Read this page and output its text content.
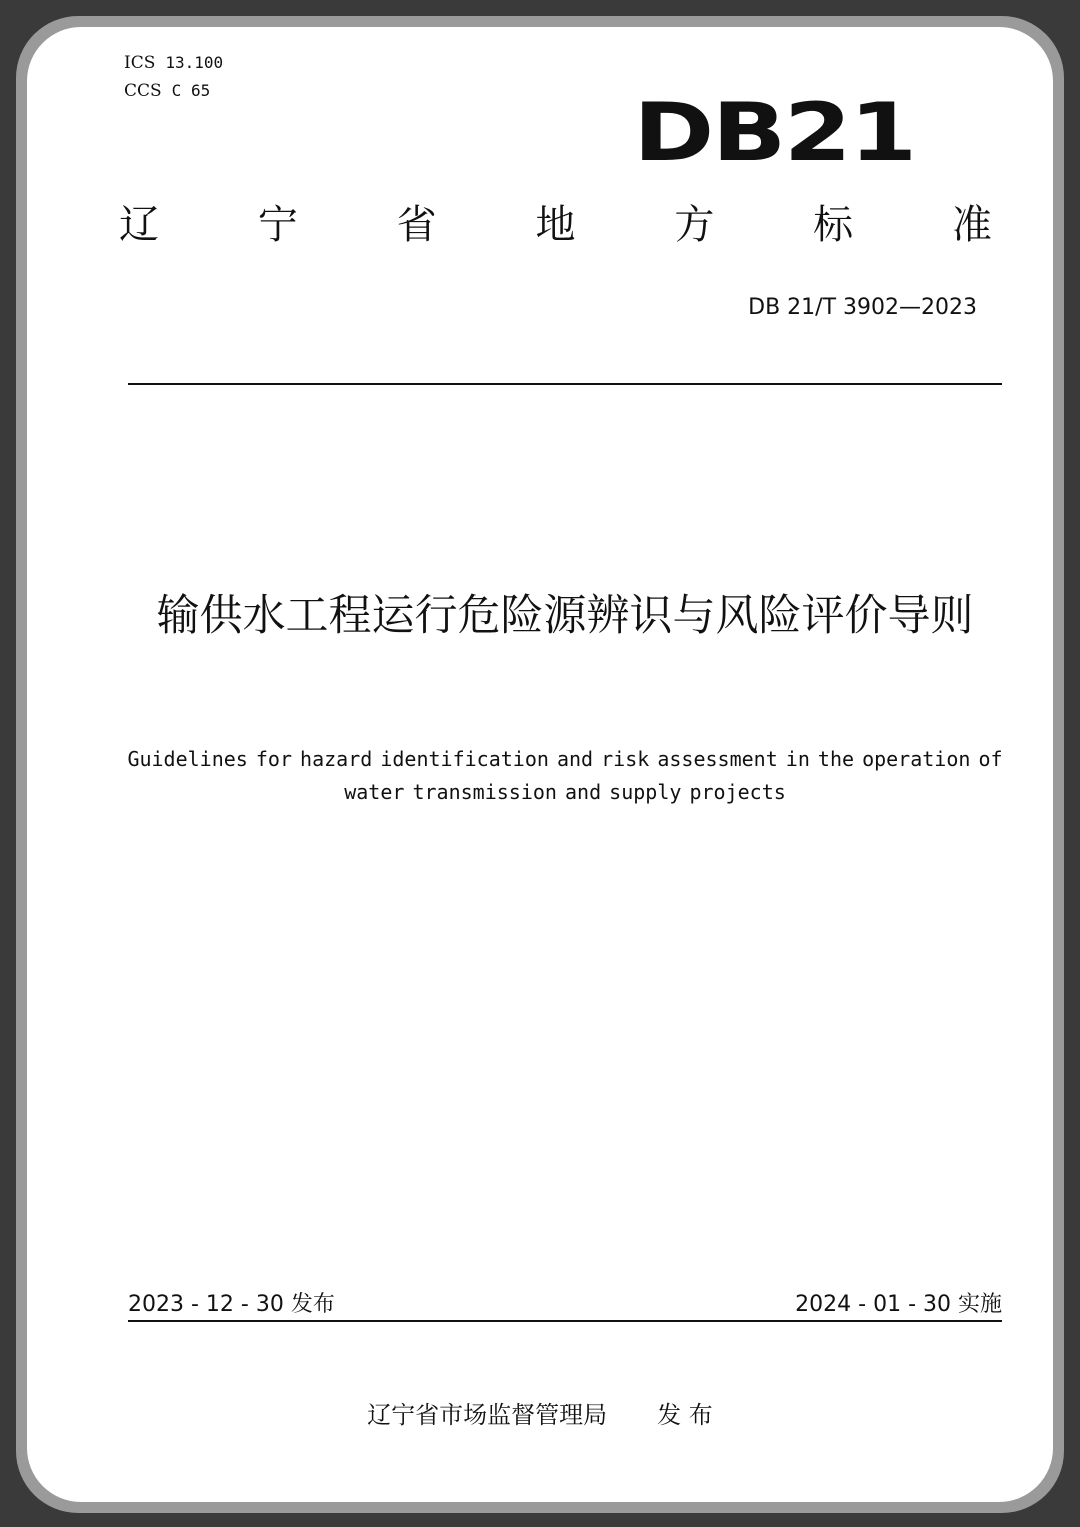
ICS 13.100
CCS C 65	DB21
辽 宁 省 地 方 标 准
DB 21/T 3902—2023
输供水工程运行危险源辨识与风险评价导则
Guidelines for hazard identification and risk assessment in the operation of water transmission and supply projects
2023 - 12 - 30 发布	2024 - 01 - 30 实施
辽宁省市场监督管理局 发 布
